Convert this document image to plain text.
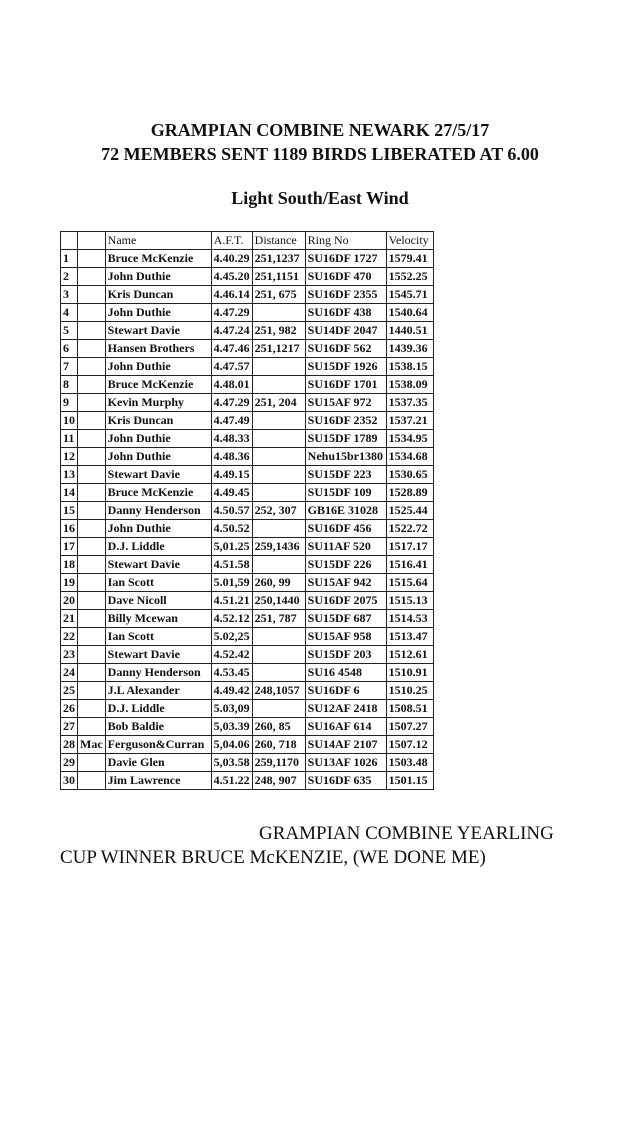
GRAMPIAN COMBINE NEWARK 27/5/17
72 MEMBERS SENT 1189 BIRDS LIBERATED AT 6.00
Light South/East Wind
		Name	A.F.T.	Distance	Ring No	Velocity
1		Bruce McKenzie	4.40.29	251,1237	SU16DF 1727	1579.41
2		John Duthie	4.45.20	251,1151	SU16DF 470	1552.25
3		Kris Duncan	4.46.14	251, 675	SU16DF 2355	1545.71
4		John Duthie	4.47.29		SU16DF 438	1540.64
5		Stewart Davie	4.47.24	251, 982	SU14DF 2047	1440.51
6		Hansen Brothers	4.47.46	251,1217	SU16DF 562	1439.36
7		John Duthie	4.47.57		SU15DF 1926	1538.15
8		Bruce McKenzie	4.48.01		SU16DF 1701	1538.09
9		Kevin Murphy	4.47.29	251, 204	SU15AF 972	1537.35
10		Kris Duncan	4.47.49		SU16DF 2352	1537.21
11		John Duthie	4.48.33		SU15DF 1789	1534.95
12		John Duthie	4.48.36		Nehu15br1380	1534.68
13		Stewart Davie	4.49.15		SU15DF 223	1530.65
14		Bruce McKenzie	4.49.45		SU15DF 109	1528.89
15		Danny Henderson	4.50.57	252, 307	GB16E 31028	1525.44
16		John Duthie	4.50.52		SU16DF 456	1522.72
17		D.J. Liddle	5,01.25	259,1436	SU11AF 520	1517.17
18		Stewart Davie	4.51.58		SU15DF 226	1516.41
19		Ian Scott	5.01,59	260, 99	SU15AF 942	1515.64
20		Dave Nicoll	4.51.21	250,1440	SU16DF 2075	1515.13
21		Billy Mcewan	4.52.12	251, 787	SU15DF 687	1514.53
22		Ian Scott	5.02,25		SU15AF 958	1513.47
23		Stewart Davie	4.52.42		SU15DF 203	1512.61
24		Danny Henderson	4.53.45		SU16 4548	1510.91
25		J.L Alexander	4.49.42	248,1057	SU16DF 6	1510.25
26		D.J. Liddle	5.03,09		SU12AF 2418	1508.51
27		Bob Baldie	5,03.39	260, 85	SU16AF 614	1507.27
28	Mac	Ferguson&Curran	5,04.06	260, 718	SU14AF 2107	1507.12
29		Davie Glen	5,03.58	259,1170	SU13AF 1026	1503.48
30		Jim Lawrence	4.51.22	248, 907	SU16DF 635	1501.15

GRAMPIAN COMBINE YEARLING

CUP WINNER BRUCE McKENZIE, (WE DONE ME)
